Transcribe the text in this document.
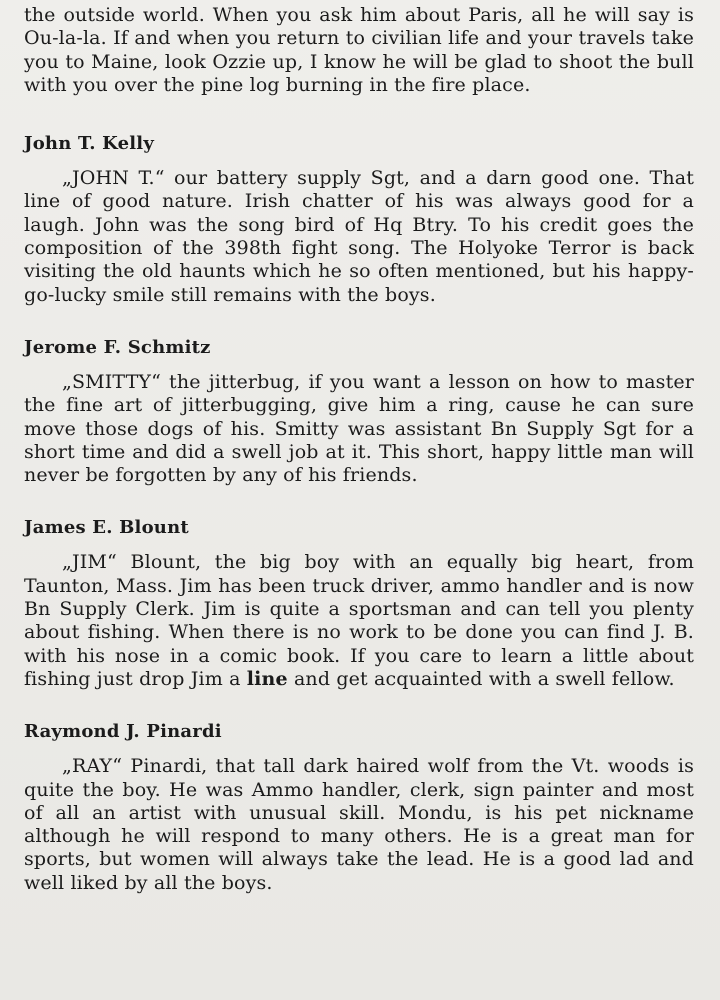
the outside world. When you ask him about Paris, all he will say is Ou-la-la. If and when you return to civilian life and your travels take you to Maine, look Ozzie up, I know he will be glad to shoot the bull with you over the pine log burning in the fire place.

John T. Kelly

„JOHN T.“ our battery supply Sgt, and a darn good one. That line of good nature. Irish chatter of his was always good for a laugh. John was the song bird of Hq Btry. To his credit goes the composition of the 398th fight song. The Holyoke Terror is back visiting the old haunts which he so often mentioned, but his happy-go-lucky smile still remains with the boys.

Jerome F. Schmitz

„SMITTY“ the jitterbug, if you want a lesson on how to master the fine art of jitterbugging, give him a ring, cause he can sure move those dogs of his. Smitty was assistant Bn Supply Sgt for a short time and did a swell job at it. This short, happy little man will never be forgotten by any of his friends.

James E. Blount

„JIM“ Blount, the big boy with an equally big heart, from Taunton, Mass. Jim has been truck driver, ammo handler and is now Bn Supply Clerk. Jim is quite a sportsman and can tell you plenty about fishing. When there is no work to be done you can find J. B. with his nose in a comic book. If you care to learn a little about fishing just drop Jim a line and get acquainted with a swell fellow.

Raymond J. Pinardi

„RAY“ Pinardi, that tall dark haired wolf from the Vt. woods is quite the boy. He was Ammo handler, clerk, sign painter and most of all an artist with unusual skill. Mondu, is his pet nickname although he will respond to many others. He is a great man for sports, but women will always take the lead. He is a good lad and well liked by all the boys.
